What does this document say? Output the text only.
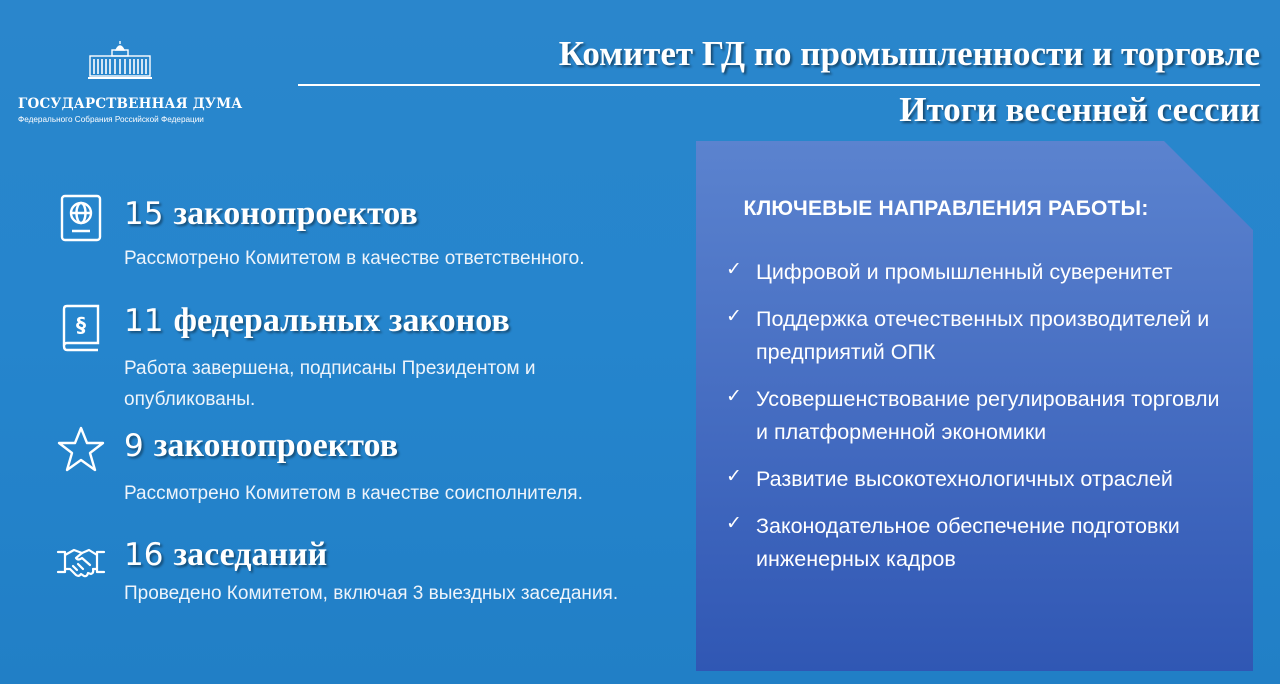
ГОСУДАРСТВЕННАЯ ДУМА
Федерального Собрания Российской Федерации
Комитет ГД по промышленности и торговле
Итоги весенней сессии
15 законопроектов
Рассмотрено Комитетом в качестве ответственного.
§ 11 федеральных законов
Работа завершена, подписаны Президентом и опубликованы.
9 законопроектов
Рассмотрено Комитетом в качестве соисполнителя.
16 заседаний
Проведено Комитетом, включая 3 выездных заседания.
КЛЮЧЕВЫЕ НАПРАВЛЕНИЯ РАБОТЫ:
✓ Цифровой и промышленный суверенитет
✓ Поддержка отечественных производителей и предприятий ОПК
✓ Усовершенствование регулирования торговли и платформенной экономики
✓ Развитие высокотехнологичных отраслей
✓ Законодательное обеспечение подготовки инженерных кадров
